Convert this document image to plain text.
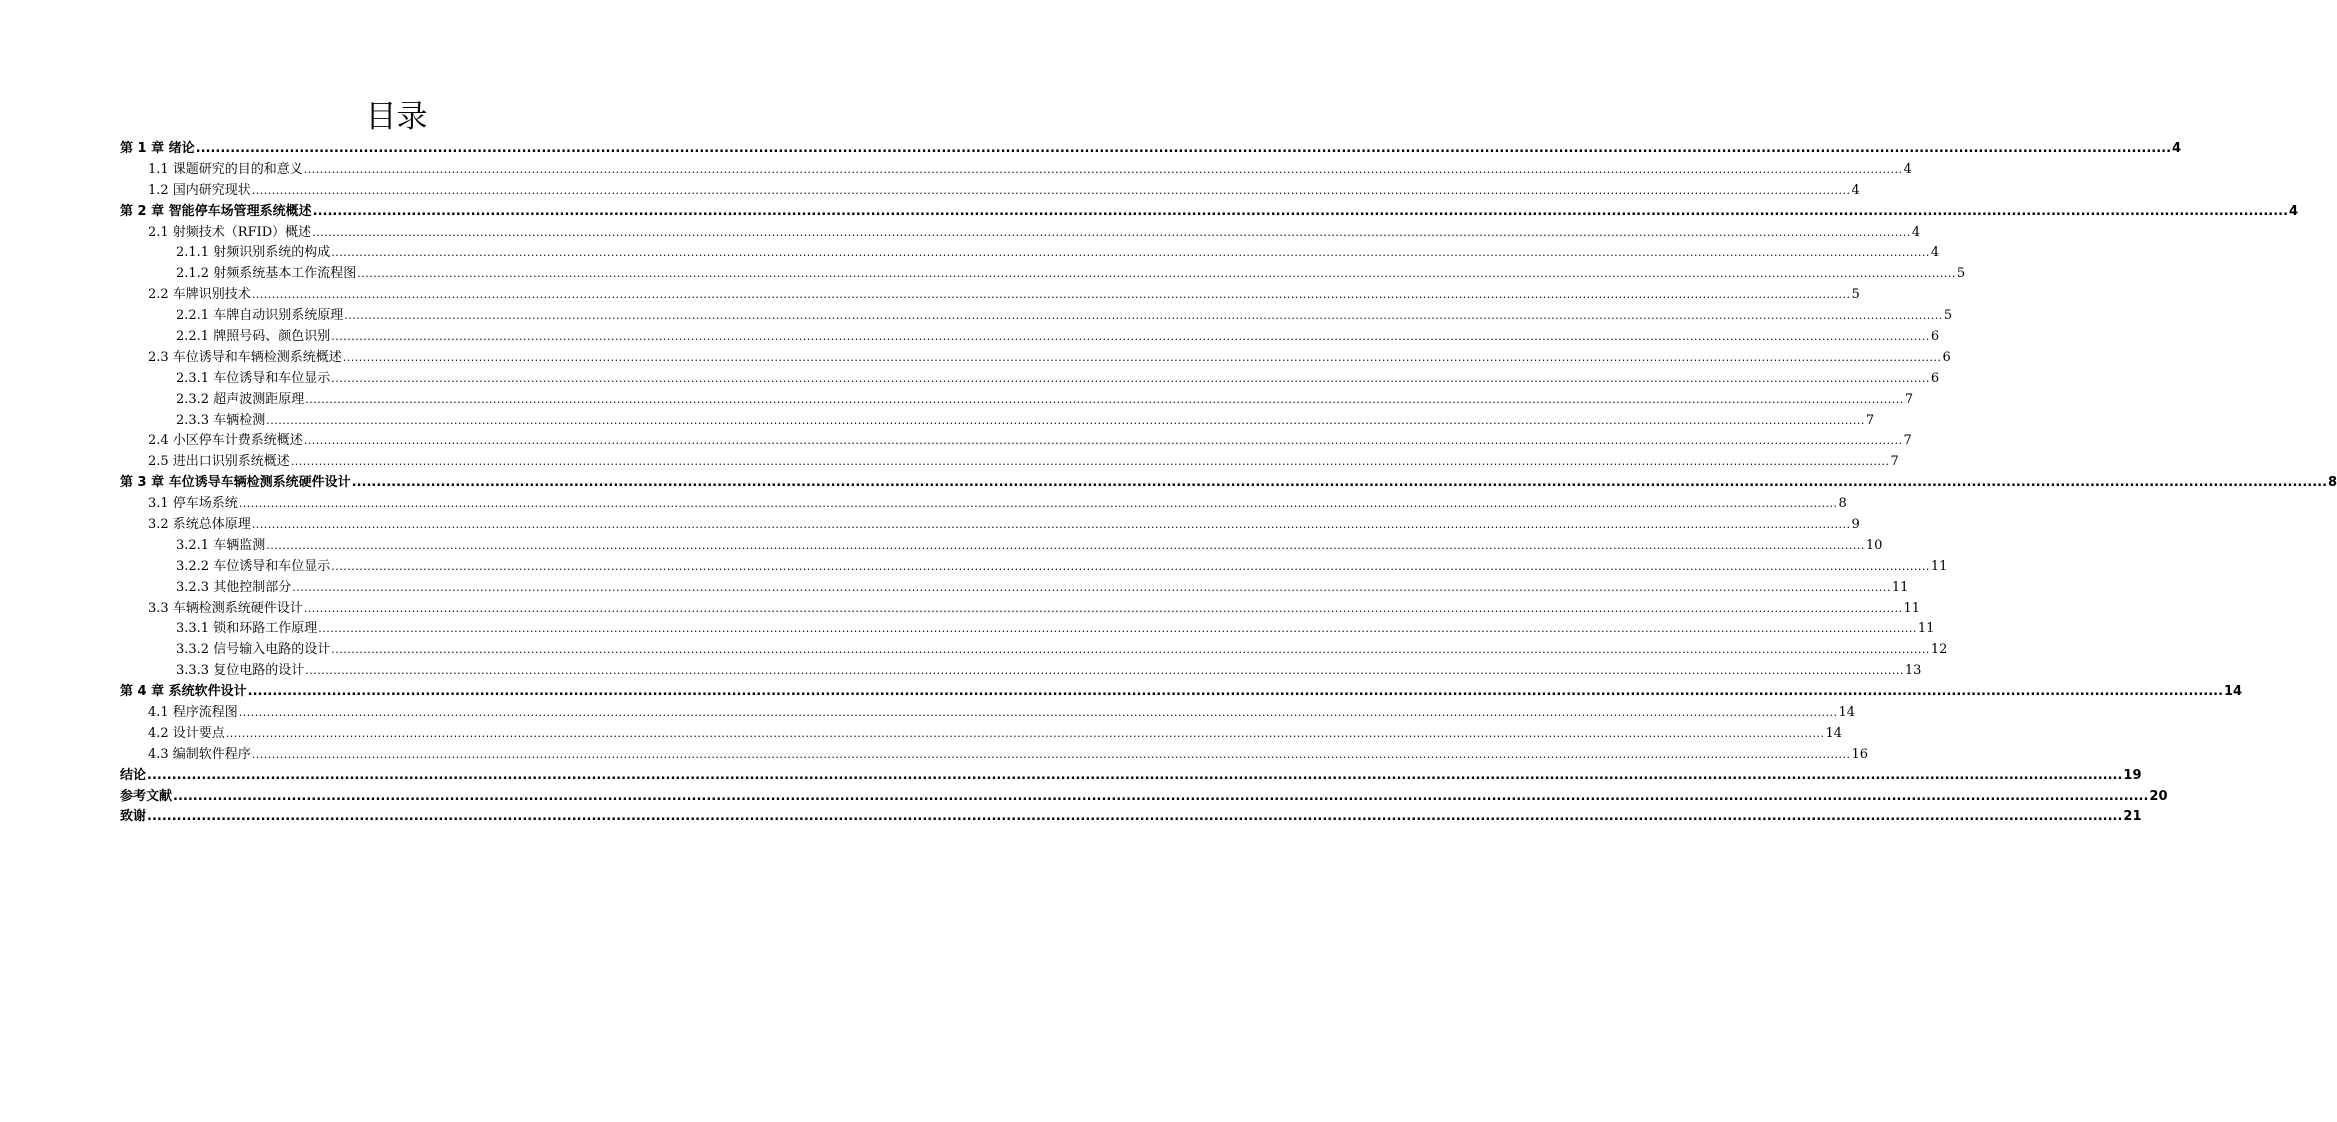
目录
第 1 章 绪论 ................................................................................................................................................................................................................................................................................................................................................................................................................ 4
1.1 课题研究的目的和意义 ................................................................................................................................................................................................................................................................................................................................................................................................................ 4
1.2 国内研究现状 ................................................................................................................................................................................................................................................................................................................................................................................................................ 4
第 2 章 智能停车场管理系统概述 ................................................................................................................................................................................................................................................................................................................................................................................................................ 4
2.1 射频技术（RFID）概述 ................................................................................................................................................................................................................................................................................................................................................................................................................ 4
2.1.1 射频识别系统的构成 ................................................................................................................................................................................................................................................................................................................................................................................................................ 4
2.1.2 射频系统基本工作流程图 ................................................................................................................................................................................................................................................................................................................................................................................................................ 5
2.2 车牌识别技术 ................................................................................................................................................................................................................................................................................................................................................................................................................ 5
2.2.1 车牌自动识别系统原理 ................................................................................................................................................................................................................................................................................................................................................................................................................ 5
2.2.1 牌照号码、颜色识别 ................................................................................................................................................................................................................................................................................................................................................................................................................ 6
2.3 车位诱导和车辆检测系统概述 ................................................................................................................................................................................................................................................................................................................................................................................................................ 6
2.3.1 车位诱导和车位显示 ................................................................................................................................................................................................................................................................................................................................................................................................................ 6
2.3.2 超声波测距原理 ................................................................................................................................................................................................................................................................................................................................................................................................................ 7
2.3.3 车辆检测 ................................................................................................................................................................................................................................................................................................................................................................................................................ 7
2.4 小区停车计费系统概述 ................................................................................................................................................................................................................................................................................................................................................................................................................ 7
2.5 进出口识别系统概述 ................................................................................................................................................................................................................................................................................................................................................................................................................ 7
第 3 章 车位诱导车辆检测系统硬件设计 ................................................................................................................................................................................................................................................................................................................................................................................................................ 8
3.1 停车场系统 ................................................................................................................................................................................................................................................................................................................................................................................................................ 8
3.2 系统总体原理 ................................................................................................................................................................................................................................................................................................................................................................................................................ 9
3.2.1 车辆监测 ................................................................................................................................................................................................................................................................................................................................................................................................................ 10
3.2.2 车位诱导和车位显示 ................................................................................................................................................................................................................................................................................................................................................................................................................ 11
3.2.3 其他控制部分 ................................................................................................................................................................................................................................................................................................................................................................................................................ 11
3.3 车辆检测系统硬件设计 ................................................................................................................................................................................................................................................................................................................................................................................................................ 11
3.3.1 锁和环路工作原理 ................................................................................................................................................................................................................................................................................................................................................................................................................ 11
3.3.2 信号输入电路的设计 ................................................................................................................................................................................................................................................................................................................................................................................................................ 12
3.3.3 复位电路的设计 ................................................................................................................................................................................................................................................................................................................................................................................................................ 13
第 4 章 系统软件设计 ................................................................................................................................................................................................................................................................................................................................................................................................................ 14
4.1 程序流程图 ................................................................................................................................................................................................................................................................................................................................................................................................................ 14
4.2 设计要点 ................................................................................................................................................................................................................................................................................................................................................................................................................ 14
4.3 编制软件程序 ................................................................................................................................................................................................................................................................................................................................................................................................................ 16
结论 ................................................................................................................................................................................................................................................................................................................................................................................................................ 19
参考文献 ................................................................................................................................................................................................................................................................................................................................................................................................................ 20
致谢 ................................................................................................................................................................................................................................................................................................................................................................................................................ 21
